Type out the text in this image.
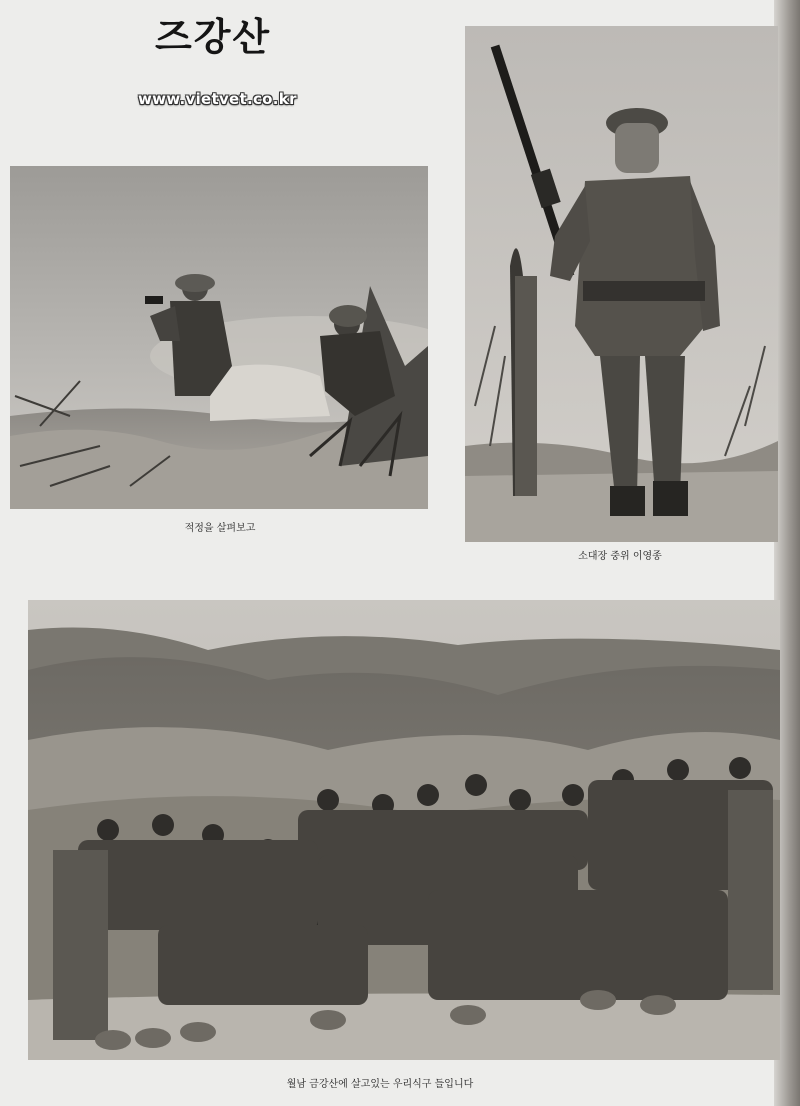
즈강산
www.vietvet.co.kr
적정을 살펴보고
소대장 중위 이영종
월남 금강산에 살고있는 우리식구 들입니다
